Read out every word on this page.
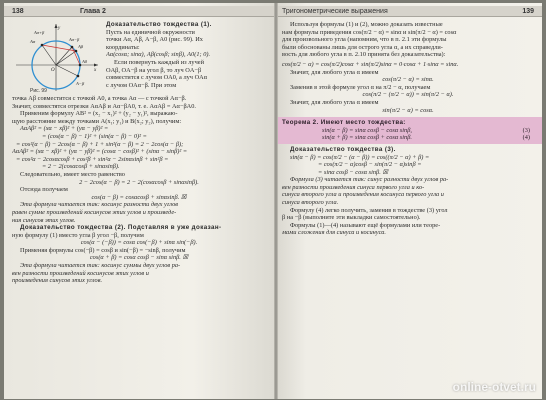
138	Глава 2
y
x
O
Aα
Aβ
A−β
A0
Aα−β
Aα+β
Рис. 99
Доказательство тождества (1).
Пусть на единичной окружности
точки Aα, Aβ, A−β, A0 (рис. 99). Их
координаты:
Aα(cosα; sinα), Aβ(cosβ; sinβ), A0(1; 0).
Если повернуть каждый из лучей
OAβ, OA−β на угол β, то луч OA−β
совместится с лучом OA0, а луч OAα
с лучом OAα−β. При этом
точка Aβ совместится с точкой A0, а точка Aα — с точкой Aα−β.
Значит, совместятся отрезки AαAβ и Aα−βA0, т. е. AαAβ = Aα−βA0.
Применим формулу AB² = (x₂ − x₁)² + (y₂ − y₁)², выражаю-
щую расстояние между точками A(x₁; y₁) и B(x₂; y₂), получим:
AαAβ² = (xα − xβ)² + (yα − yβ)² =
= (cos(α − β) − 1)² + (sin(α − β) − 0)² =
= cos²(α − β) − 2cos(α − β) + 1 + sin²(α − β) = 2 − 2cos(α − β);
AαAβ² = (xα − xβ)² + (yα − yβ)² = (cosα − cosβ)² + (sinα − sinβ)² =
= cos²α − 2cosαcosβ + cos²β + sin²α − 2sinαsinβ + sin²β =
= 2 − 2(cosαcosβ + sinαsinβ).
Следовательно, имеет место равенство
2 − 2cos(α − β) = 2 − 2(cosαcosβ + sinαsinβ).
Отсюда получаем
cos(α − β) = cosαcosβ + sinαsinβ. ☒
Эта формула читается так: косинус разности двух углов
равен сумме произведений косинусов этих углов и произведе-
ния синусов этих углов.
Доказательство тождества (2). Подставляя в уже доказан-
ную формулу (1) вместо угла β угол −β, получим
cos(α − (−β)) = cosα cos(−β) + sinα sin(−β).
Применяя формулы cos(−β) = cosβ и sin(−β) = −sinβ, получим
cos(α + β) = cosα cosβ − sinα sinβ. ☒
Эта формула читается так: косинус суммы двух углов ра-
вен разности произведений косинусов этих углов и
произведения синусов этих углов.
Тригонометрические выражения	139
Используя формулы (1) и (2), можно доказать известные
нам формулы приведения cos(π/2 − α) = sinα и sin(π/2 − α) = cosα
для произвольного угла (напомним, что в п. 2.1 эти формулы
были обоснованы лишь для острого угла α, а их справедли-
вость для любого угла в п. 2.10 принята без доказательства):
cos(π/2 − α) = cos(π/2)cosα + sin(π/2)sinα = 0·cosα + 1·sinα = sinα.
Значит, для любого угла α имеем
cos(π/2 − α) = sinα.
Заменив в этой формуле угол α на π/2 − α, получаем
cos(π/2 − (π/2 − α)) = sin(π/2 − α).
Значит, для любого угла α имеем
sin(π/2 − α) = cosα.
Теорема 2. Имеют место тождества:
sin(α − β) = sinα cosβ − cosα sinβ,	(3)
sin(α + β) = sinα cosβ + cosα sinβ.	(4)
Доказательство тождества (3).
sin(α − β) = cos(π/2 − (α − β)) = cos((π/2 − α) + β) =
= cos(π/2 − α)cosβ − sin(π/2 − α)sinβ =
= sinα cosβ − cosα sinβ. ☒
Формула (3) читается так: синус разности двух углов ра-
вен разности произведения синуса первого угла и ко-
синуса второго угла и произведения косинуса первого угла и
синуса второго угла.
Формулу (4) легко получить, заменив в тождестве (3) угол
β на −β (выполните эти выкладки самостоятельно).
Формулы (1)—(4) называют ещё формулами или теоре-
мами сложения для синуса и косинуса.
online-otvet.ru
